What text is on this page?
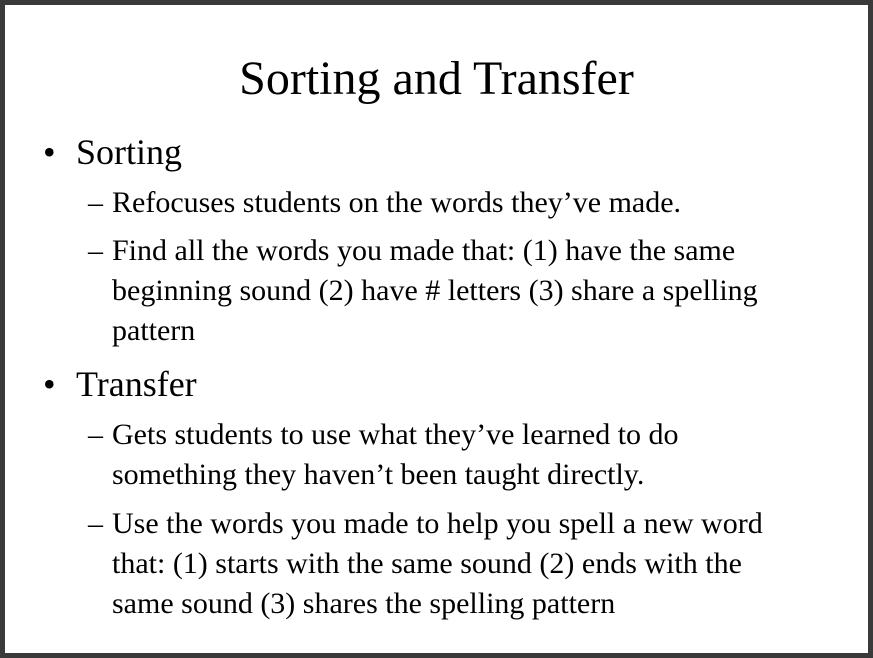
Sorting and Transfer
• Sorting
– Refocuses students on the words they’ve made.
– Find all the words you made that: (1) have the same
beginning sound (2) have # letters (3) share a spelling
pattern
• Transfer
– Gets students to use what they’ve learned to do
something they haven’t been taught directly.
– Use the words you made to help you spell a new word
that: (1) starts with the same sound (2) ends with the
same sound (3) shares the spelling pattern
